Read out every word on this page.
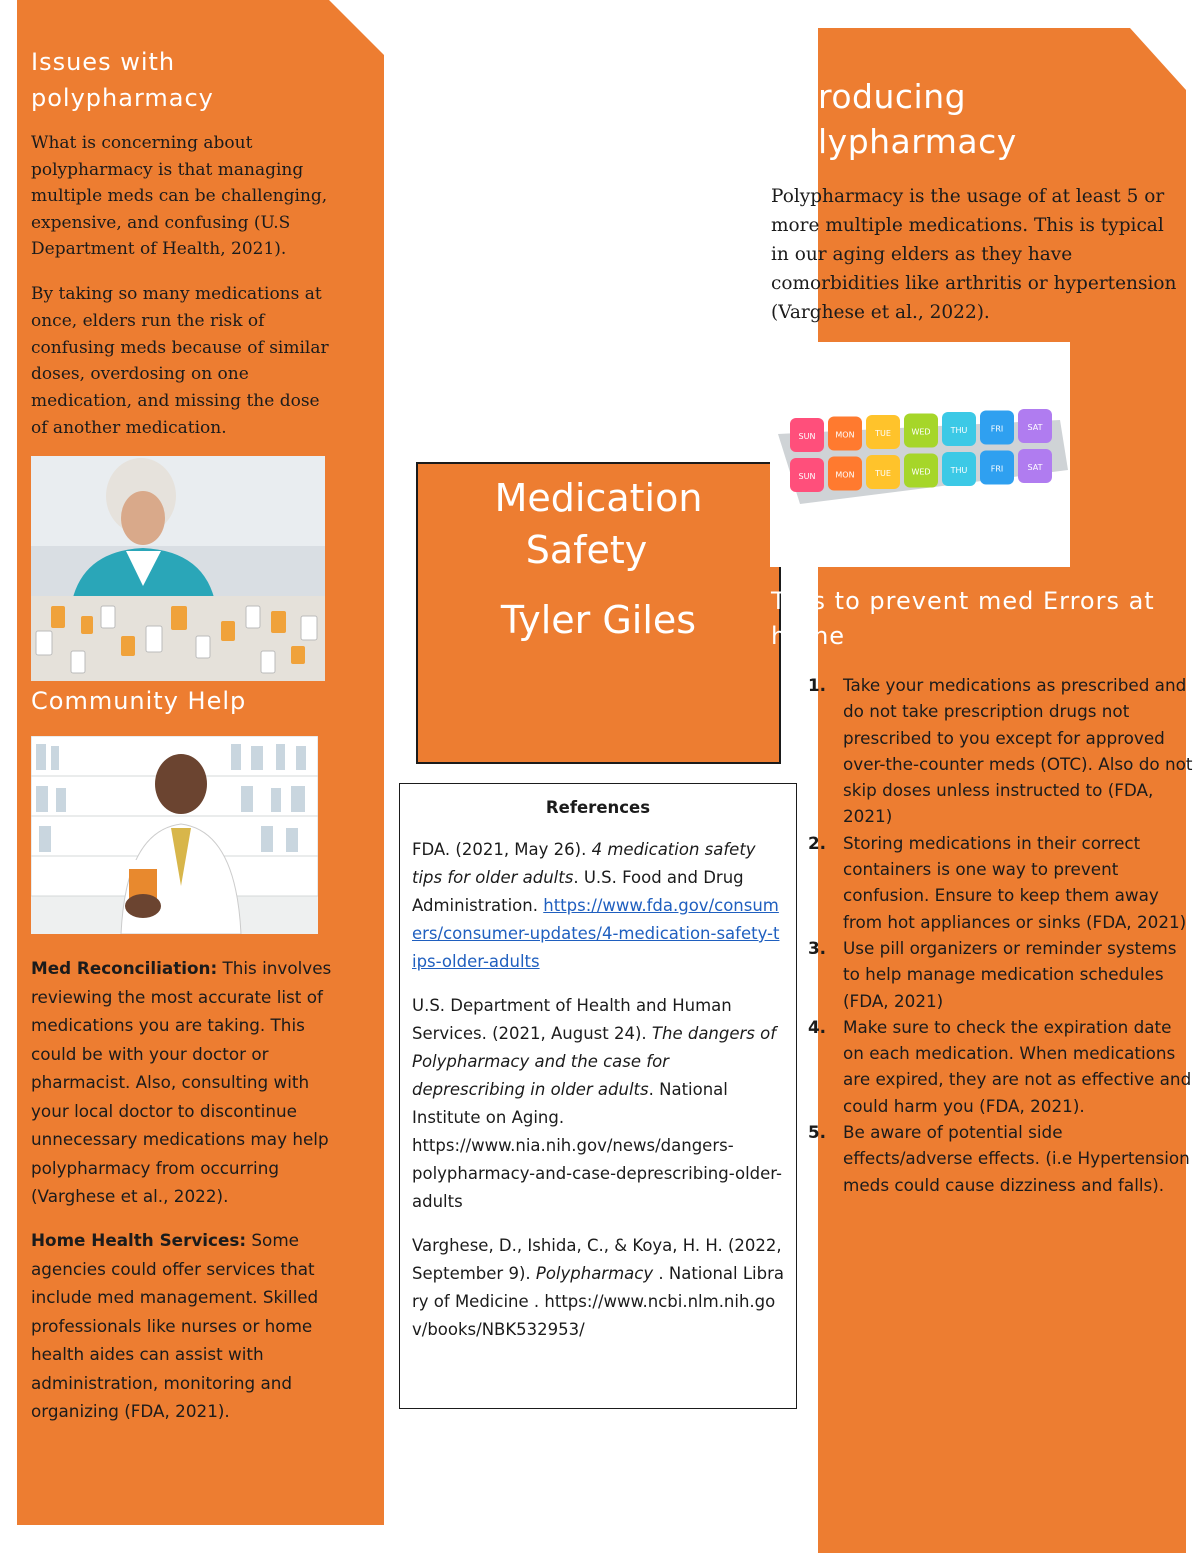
Issues with polypharmacy

What is concerning about polypharmacy is that managing multiple meds can be challenging, expensive, and confusing (U.S Department of Health, 2021).

By taking so many medications at once, elders run the risk of confusing meds because of similar doses, overdosing on one medication, and missing the dose of another medication.

Community Help

Med Reconciliation: This involves reviewing the most accurate list of medications you are taking. This could be with your doctor or pharmacist. Also, consulting with your local doctor to discontinue unnecessary medications may help polypharmacy from occurring (Varghese et al., 2022).

Home Health Services: Some agencies could offer services that include med management. Skilled professionals like nurses or home health aides can assist with administration, monitoring and organizing (FDA, 2021).

Medication
Safety
Tyler Giles

References

FDA. (2021, May 26). 4 medication safety tips for older adults. U.S. Food and Drug Administration. https://www.fda.gov/consumers/consumer-updates/4-medication-safety-tips-older-adults

U.S. Department of Health and Human Services. (2021, August 24). The dangers of Polypharmacy and the case for deprescribing in older adults. National Institute on Aging. https://www.nia.nih.gov/news/dangers-polypharmacy-and-case-deprescribing-older-adults

Varghese, D., Ishida, C., & Koya, H. H. (2022, September 9). Polypharmacy . National Library of Medicine . https://www.ncbi.nlm.nih.gov/books/NBK532953/

roducing
lypharmacy

Polypharmacy is the usage of at least 5 or more multiple medications. This is typical in our aging elders as they have comorbidities like arthritis or hypertension (Varghese et al., 2022).

SUN MON	TUE	WED	THU	FRI	SAT
SUN MON	TUE	WED	THU	FRI	SAT
T   s to prevent med Errors at
h   ne
1. Take your medications as prescribed and do not take prescription drugs not prescribed to you except for approved over-the-counter meds (OTC). Also do not skip doses unless instructed to (FDA, 2021)
2. Storing medications in their correct containers is one way to prevent confusion. Ensure to keep them away from hot appliances or sinks (FDA, 2021)
3. Use pill organizers or reminder systems to help manage medication schedules (FDA, 2021)
4. Make sure to check the expiration date on each medication. When medications are expired, they are not as effective and could harm you (FDA, 2021).
5. Be aware of potential side effects/adverse effects. (i.e Hypertension meds could cause dizziness and falls).
